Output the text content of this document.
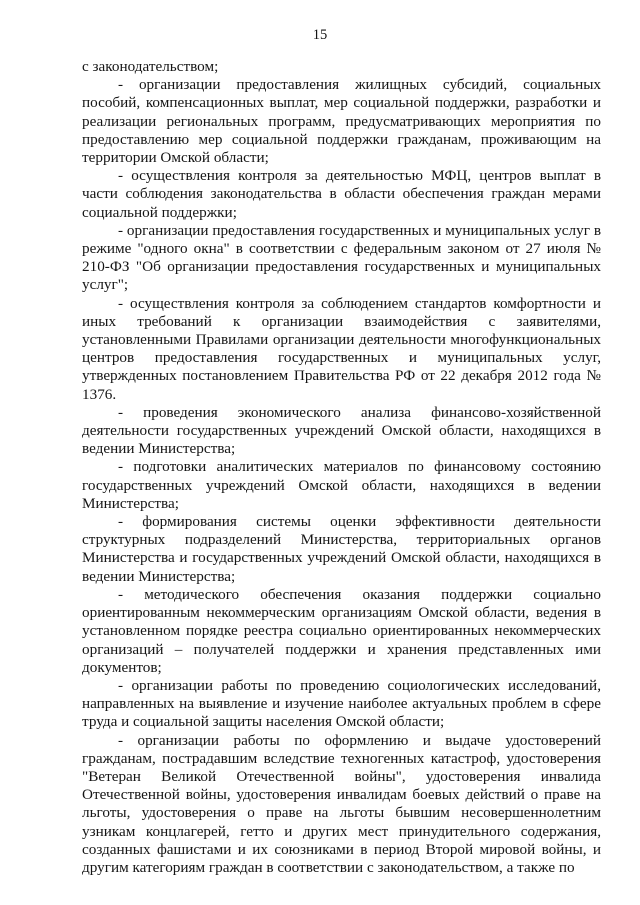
15

с законодательством;

- организации предоставления жилищных субсидий, социальных пособий, компенсационных выплат, мер социальной поддержки, разработки и реализации региональных программ, предусматривающих мероприятия по предоставлению мер социальной поддержки гражданам, проживающим на территории Омской области;

- осуществления контроля за деятельностью МФЦ, центров выплат в части соблюдения законодательства в области обеспечения граждан мерами социальной поддержки;

- организации предоставления государственных и муниципальных услуг в режиме "одного окна" в соответствии с федеральным законом от 27 июля № 210-ФЗ "Об организации предоставления государственных и муниципальных услуг";

- осуществления контроля за соблюдением стандартов комфортности и иных требований к организации взаимодействия с заявителями, установленными Правилами организации деятельности многофункциональных центров предоставления государственных и муниципальных услуг, утвержденных постановлением Правительства РФ от 22 декабря 2012 года № 1376.

- проведения экономического анализа финансово-хозяйственной деятельности государственных учреждений Омской области, находящихся в ведении Министерства;

- подготовки аналитических материалов по финансовому состоянию государственных учреждений Омской области, находящихся в ведении Министерства;

- формирования системы оценки эффективности деятельности структурных подразделений Министерства, территориальных органов Министерства и государственных учреждений Омской области, находящихся в ведении Министерства;

- методического обеспечения оказания поддержки социально ориентированным некоммерческим организациям Омской области, ведения в установленном порядке реестра социально ориентированных некоммерческих организаций – получателей поддержки и хранения представленных ими документов;

- организации работы по проведению социологических исследований, направленных на выявление и изучение наиболее актуальных проблем в сфере труда и социальной защиты населения Омской области;

- организации работы по оформлению и выдаче удостоверений гражданам, пострадавшим вследствие техногенных катастроф, удостоверения "Ветеран Великой Отечественной войны", удостоверения инвалида Отечественной войны, удостоверения инвалидам боевых действий о праве на льготы, удостоверения о праве на льготы бывшим несовершеннолетним узникам концлагерей, гетто и других мест принудительного содержания, созданных фашистами и их союзниками в период Второй мировой войны, и другим категориям граждан в соответствии с законодательством, а также по
